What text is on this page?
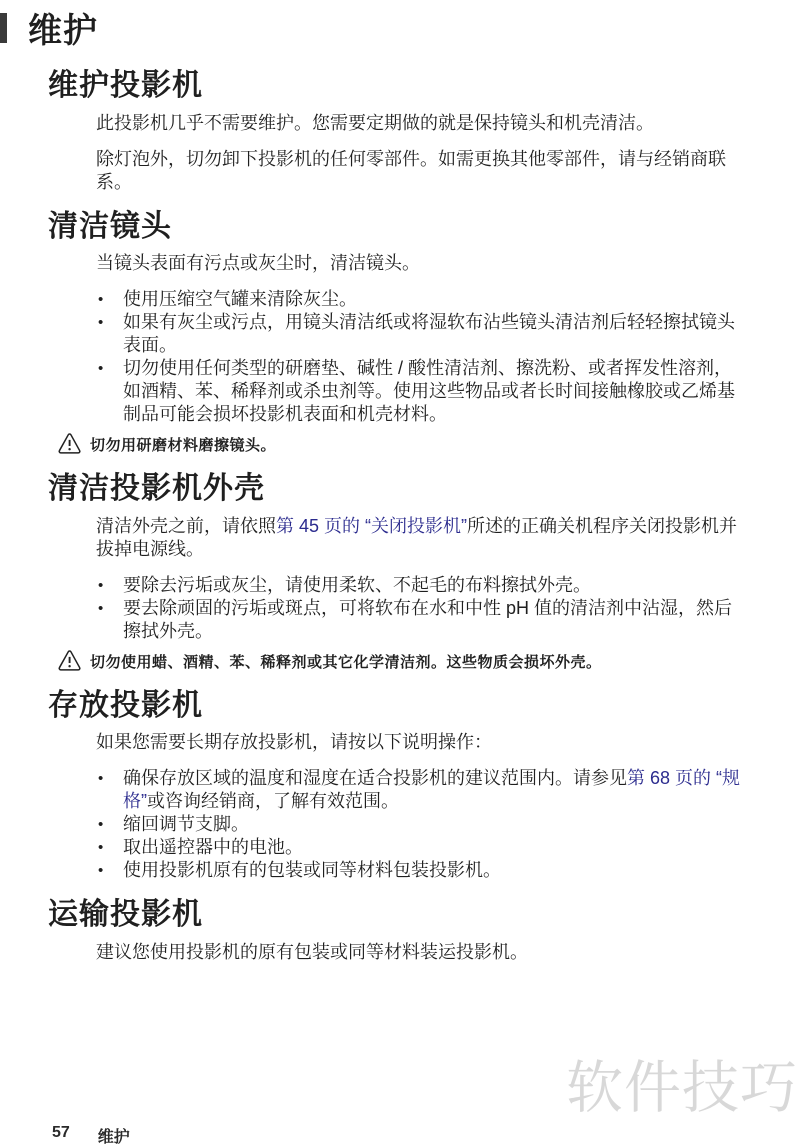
维护
维护投影机

此投影机几乎不需要维护。您需要定期做的就是保持镜头和机壳清洁。

除灯泡外，切勿卸下投影机的任何零部件。如需更换其他零部件，请与经销商联系。

清洁镜头

当镜头表面有污点或灰尘时，清洁镜头。

• 使用压缩空气罐来清除灰尘。
• 如果有灰尘或污点，用镜头清洁纸或将湿软布沾些镜头清洁剂后轻轻擦拭镜头表面。
• 切勿使用任何类型的研磨垫、碱性 / 酸性清洁剂、擦洗粉、或者挥发性溶剂，如酒精、苯、稀释剂或杀虫剂等。使用这些物品或者长时间接触橡胶或乙烯基制品可能会损坏投影机表面和机壳材料。
切勿用研磨材料磨擦镜头。
清洁投影机外壳

清洁外壳之前，请依照第 45 页的 “关闭投影机”所述的正确关机程序关闭投影机并拔掉电源线。

• 要除去污垢或灰尘，请使用柔软、不起毛的布料擦拭外壳。
• 要去除顽固的污垢或斑点，可将软布在水和中性 pH 值的清洁剂中沾湿，然后擦拭外壳。
切勿使用蜡、酒精、苯、稀释剂或其它化学清洁剂。这些物质会损坏外壳。
存放投影机

如果您需要长期存放投影机，请按以下说明操作：

• 确保存放区域的温度和湿度在适合投影机的建议范围内。请参见第 68 页的 “规格”或咨询经销商，了解有效范围。
• 缩回调节支脚。
• 取出遥控器中的电池。
• 使用投影机原有的包装或同等材料包装投影机。
运输投影机

建议您使用投影机的原有包装或同等材料装运投影机。

软件技巧
57 维护
